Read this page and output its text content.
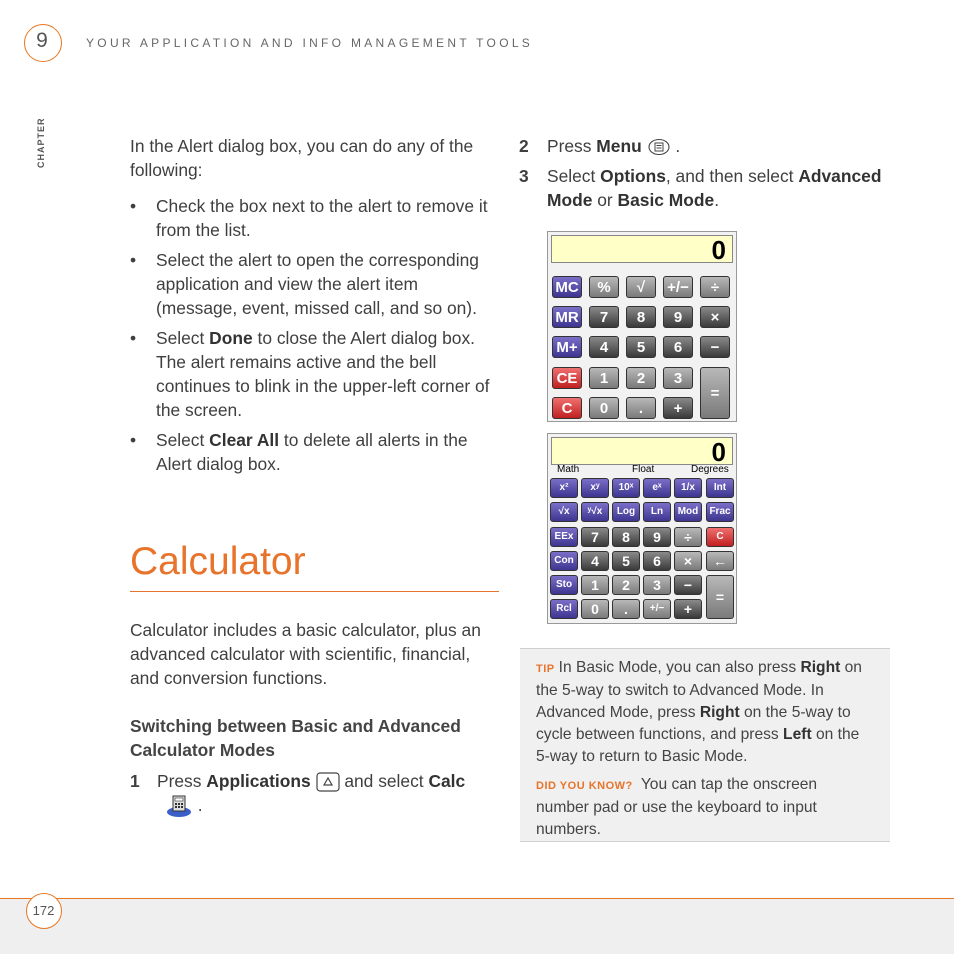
9	YOUR APPLICATION AND INFO MANAGEMENT TOOLS
CHAPTER	In the Alert dialog box, you can do any of the following:

• Check the box next to the alert to remove it from the list.
• Select the alert to open the corresponding application and view the alert item (message, event, missed call, and so on).
• Select Done to close the Alert dialog box. The alert remains active and the bell continues to blink in the upper-left corner of the screen.
• Select Clear All to delete all alerts in the Alert dialog box.
Calculator
Calculator includes a basic calculator, plus an advanced calculator with scientific, financial, and conversion functions.
Switching between Basic and Advanced Calculator Modes
1 Press Applications  and select Calc
.
2 Press Menu .
3 Select Options, and then select Advanced Mode or Basic Mode.
0
MC	%	√	+/−	÷
MR	7	8	9	×
M+	4	5	6	−
CE	1	2	3
=
C	0	.	+
0
Math	Float	Degrees
x²	xʸ	10ˣ	eˣ	1/x	Int
√x	ʸ√x	Log	Ln	Mod	Frac
EEx	7	8	9	÷	C
Con	4	5	6	×	←
Sto	1	2	3	−
=
Rcl	0	.	+/−	+

TIP In Basic Mode, you can also press Right on the 5-way to switch to Advanced Mode. In Advanced Mode, press Right on the 5-way to cycle between functions, and press Left on the 5-way to return to Basic Mode.

DID YOU KNOW? You can tap the onscreen number pad or use the keyboard to input numbers.

172
